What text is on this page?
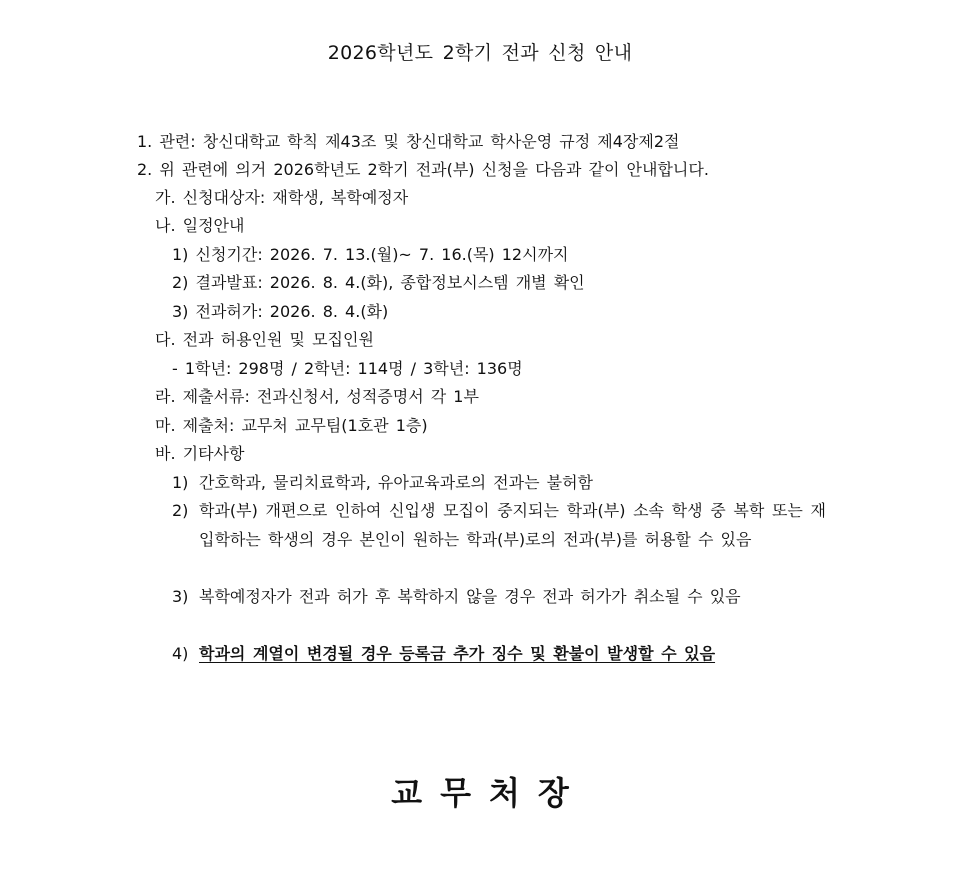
2026학년도 2학기 전과 신청 안내
1. 관련: 창신대학교 학칙 제43조 및 창신대학교 학사운영 규정 제4장제2절
2. 위 관련에 의거 2026학년도 2학기 전과(부) 신청을 다음과 같이 안내합니다.
가. 신청대상자: 재학생, 복학예정자
나. 일정안내
1) 신청기간: 2026. 7. 13.(월)~ 7. 16.(목) 12시까지
2) 결과발표: 2026. 8. 4.(화), 종합정보시스템 개별 확인
3) 전과허가: 2026. 8. 4.(화)
다. 전과 허용인원 및 모집인원
- 1학년: 298명 / 2학년: 114명 / 3학년: 136명
라. 제출서류: 전과신청서, 성적증명서 각 1부
마. 제출처: 교무처 교무팀(1호관 1층)
바. 기타사항
1) 간호학과, 물리치료학과, 유아교육과로의 전과는 불허함
2) 학과(부) 개편으로 인하여 신입생 모집이 중지되는 학과(부) 소속 학생 중 복학 또는 재입학하는 학생의 경우 본인이 원하는 학과(부)로의 전과(부)를 허용할 수 있음
3) 복학예정자가 전과 허가 후 복학하지 않을 경우 전과 허가가 취소될 수 있음
4) 학과의 계열이 변경될 경우 등록금 추가 징수 및 환불이 발생할 수 있음
교무처장
